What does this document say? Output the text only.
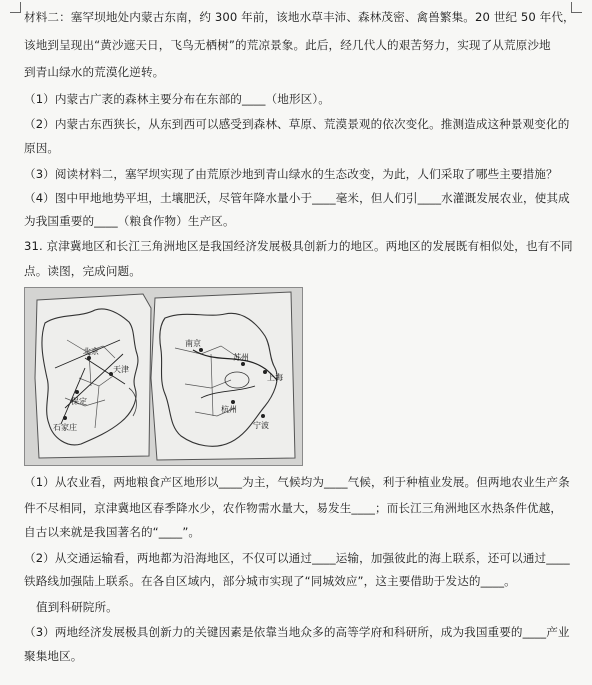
材料二：塞罕坝地处内蒙古东南，约 300 年前，该地水草丰沛、森林茂密、禽兽繁集。20 世纪 50 年代，
该地到呈现出“黄沙遮天日，飞鸟无栖树”的荒凉景象。此后，经几代人的艰苦努力，实现了从荒原沙地
到青山绿水的荒漠化逆转。
（1）内蒙古广袤的森林主要分布在东部的____（地形区）。
（2）内蒙古东西狭长，从东到西可以感受到森林、草原、荒漠景观的依次变化。推测造成这种景观变化的
原因。
（3）阅读材料二，塞罕坝实现了由荒原沙地到青山绿水的生态改变，为此，人们采取了哪些主要措施？
（4）图中甲地地势平坦，土壤肥沃，尽管年降水量小于____毫米，但人们引____水灌溉发展农业，使其成
为我国重要的____（粮食作物）生产区。
31. 京津冀地区和长江三角洲地区是我国经济发展极具创新力的地区。两地区的发展既有相似处，也有不同
点。读图，完成问题。
北京
天津
保定
石家庄
南京
苏州
上海
杭州
宁波
（1）从农业看，两地粮食产区地形以____为主，气候均为____气候，利于种植业发展。但两地农业生产条
件不尽相同，京津冀地区春季降水少，农作物需水量大，易发生____；而长江三角洲地区水热条件优越，
自古以来就是我国著名的“____”。
（2）从交通运输看，两地都为沿海地区，不仅可以通过____运输，加强彼此的海上联系，还可以通过____
铁路线加强陆上联系。在各自区域内，部分城市实现了“同城效应”，这主要借助于发达的____。
值到科研院所。
（3）两地经济发展极具创新力的关键因素是依靠当地众多的高等学府和科研所，成为我国重要的____产业
聚集地区。
